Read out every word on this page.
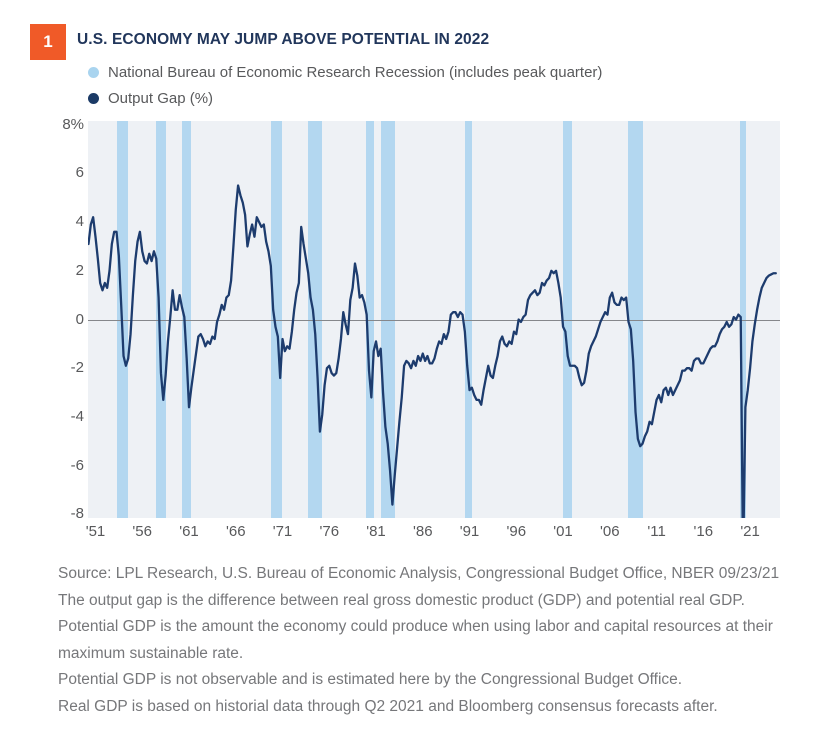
1	U.S. ECONOMY MAY JUMP ABOVE POTENTIAL IN 2022
National Bureau of Economic Research Recession (includes peak quarter)
Output Gap (%)
8%
6
4
2
0
-2
-4
-6
-8
'51	'56	'61	'66	'71	'76	'81	'86	'91	'96	'01	'06	'11	'16	'21
Source: LPL Research, U.S. Bureau of Economic Analysis, Congressional Budget Office, NBER 09/23/21
The output gap is the difference between real gross domestic product (GDP) and potential real GDP.
Potential GDP is the amount the economy could produce when using labor and capital resources at their maximum sustainable rate.
Potential GDP is not observable and is estimated here by the Congressional Budget Office.
Real GDP is based on historial data through Q2 2021 and Bloomberg consensus forecasts after.
